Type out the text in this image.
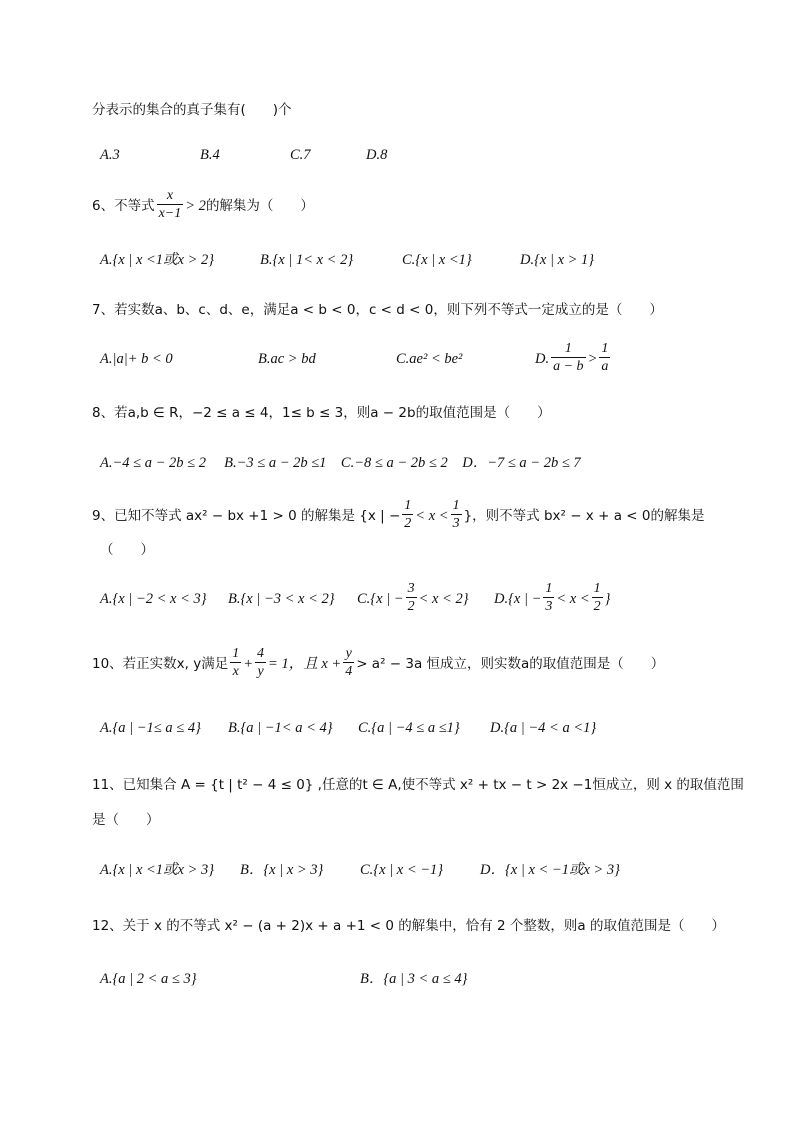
分表示的集合的真子集有(　　)个
A.3	B.4	C.7	D.8
6、不等式 $\frac{x}{x-1} > 2$的解集为（　　）
A.{x | x <1或x > 2}	B.{x | 1< x < 2}	C.{x | x <1}	D.{x | x > 1}
7、若实数a、b、c、d、e，满足a < b < 0，c < d < 0，则下列不等式一定成立的是（　　）
A.|a|+ b < 0	B.ac > bd	C.ae² < be²	D. $\frac{1}{a - b} > \frac{1}{a}$
8、若a,b ∈ R，−2 ≤ a ≤ 4，1≤ b ≤ 3，则a − 2b的取值范围是（　　）
A.−4 ≤ a − 2b ≤ 2　 B.−3 ≤ a − 2b ≤1　C.−8 ≤ a − 2b ≤ 2　D．−7 ≤ a − 2b ≤ 7
9、已知不等式 ax² − bx +1 > 0 的解集是 {x | − $\frac{1}{2} < x < \frac{1}{3}$ }，则不等式 bx² − x + a < 0的解集是
（　　）
A.{x | −2 < x < 3} B.{x | −3 < x < 2} C.{x | − $\frac{3}{2} < x < 2$} D.{x | − $\frac{1}{3} < x < \frac{1}{2}$ }
10、若正实数x, y满足 $\frac{1}{x} + \frac{4}{y} = 1$，且 $x + \frac{y}{4} > a^2 - 3a$ 恒成立，则实数a的取值范围是（　　）
A.{a | −1≤ a ≤ 4} B.{a | −1< a < 4} C.{a | −4 ≤ a ≤1} D.{a | −4 < a <1}
11、已知集合 A = {t | t² − 4 ≤ 0} ,任意的t ∈ A,使不等式 x² + tx − t > 2x −1恒成立，则 x 的取值范围
是（　　）
A.{x | x <1或x > 3} B．{x | x > 3}	C.{x | x < −1}	D．{x | x < −1或x > 3}
12、关于 x 的不等式 x² − (a + 2)x + a +1 < 0 的解集中，恰有 2 个整数，则a 的取值范围是（　　）
A.{a | 2 < a ≤ 3}	B．{a | 3 < a ≤ 4}
